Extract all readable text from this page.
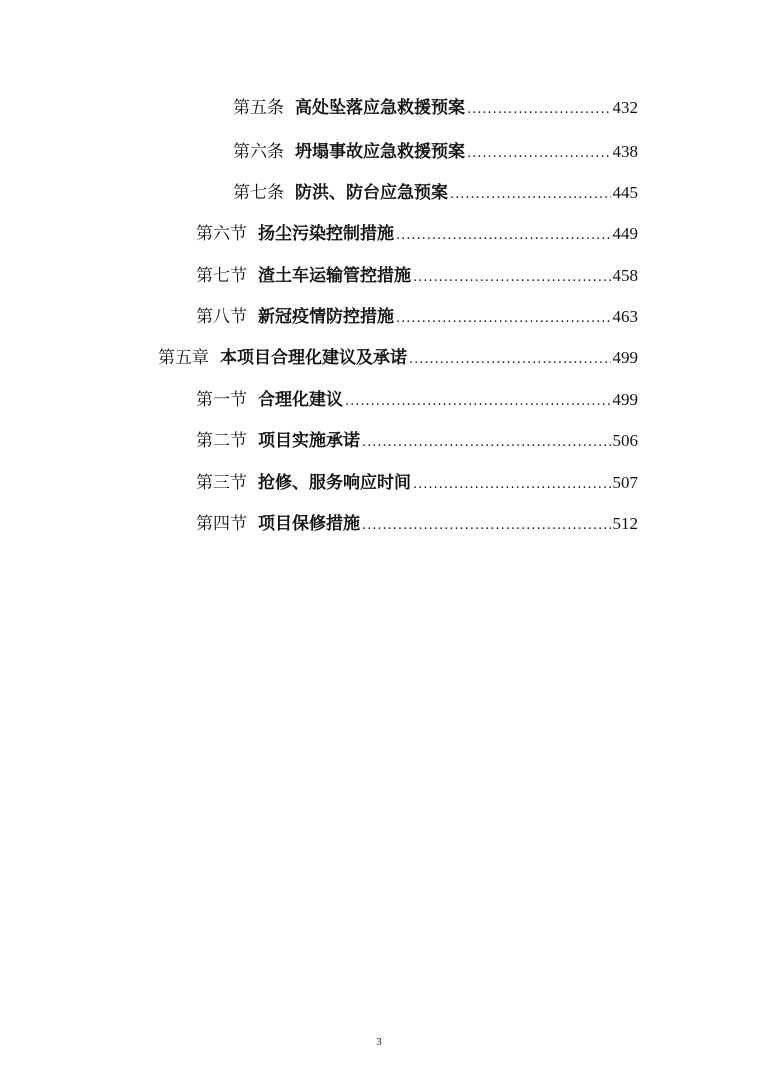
第五条 高处坠落应急救援预案 .....	432
第六条 坍塌事故应急救援预案 .....	438
第七条 防洪、防台应急预案 .....	445
第六节 扬尘污染控制措施 .....	449
第七节 渣土车运输管控措施 .....	458
第八节 新冠疫情防控措施 .....	463
第五章 本项目合理化建议及承诺 .....	499
第一节 合理化建议 .....	499
第二节 项目实施承诺 .....	506
第三节 抢修、服务响应时间 .....	507
第四节 项目保修措施 .....	512
3
